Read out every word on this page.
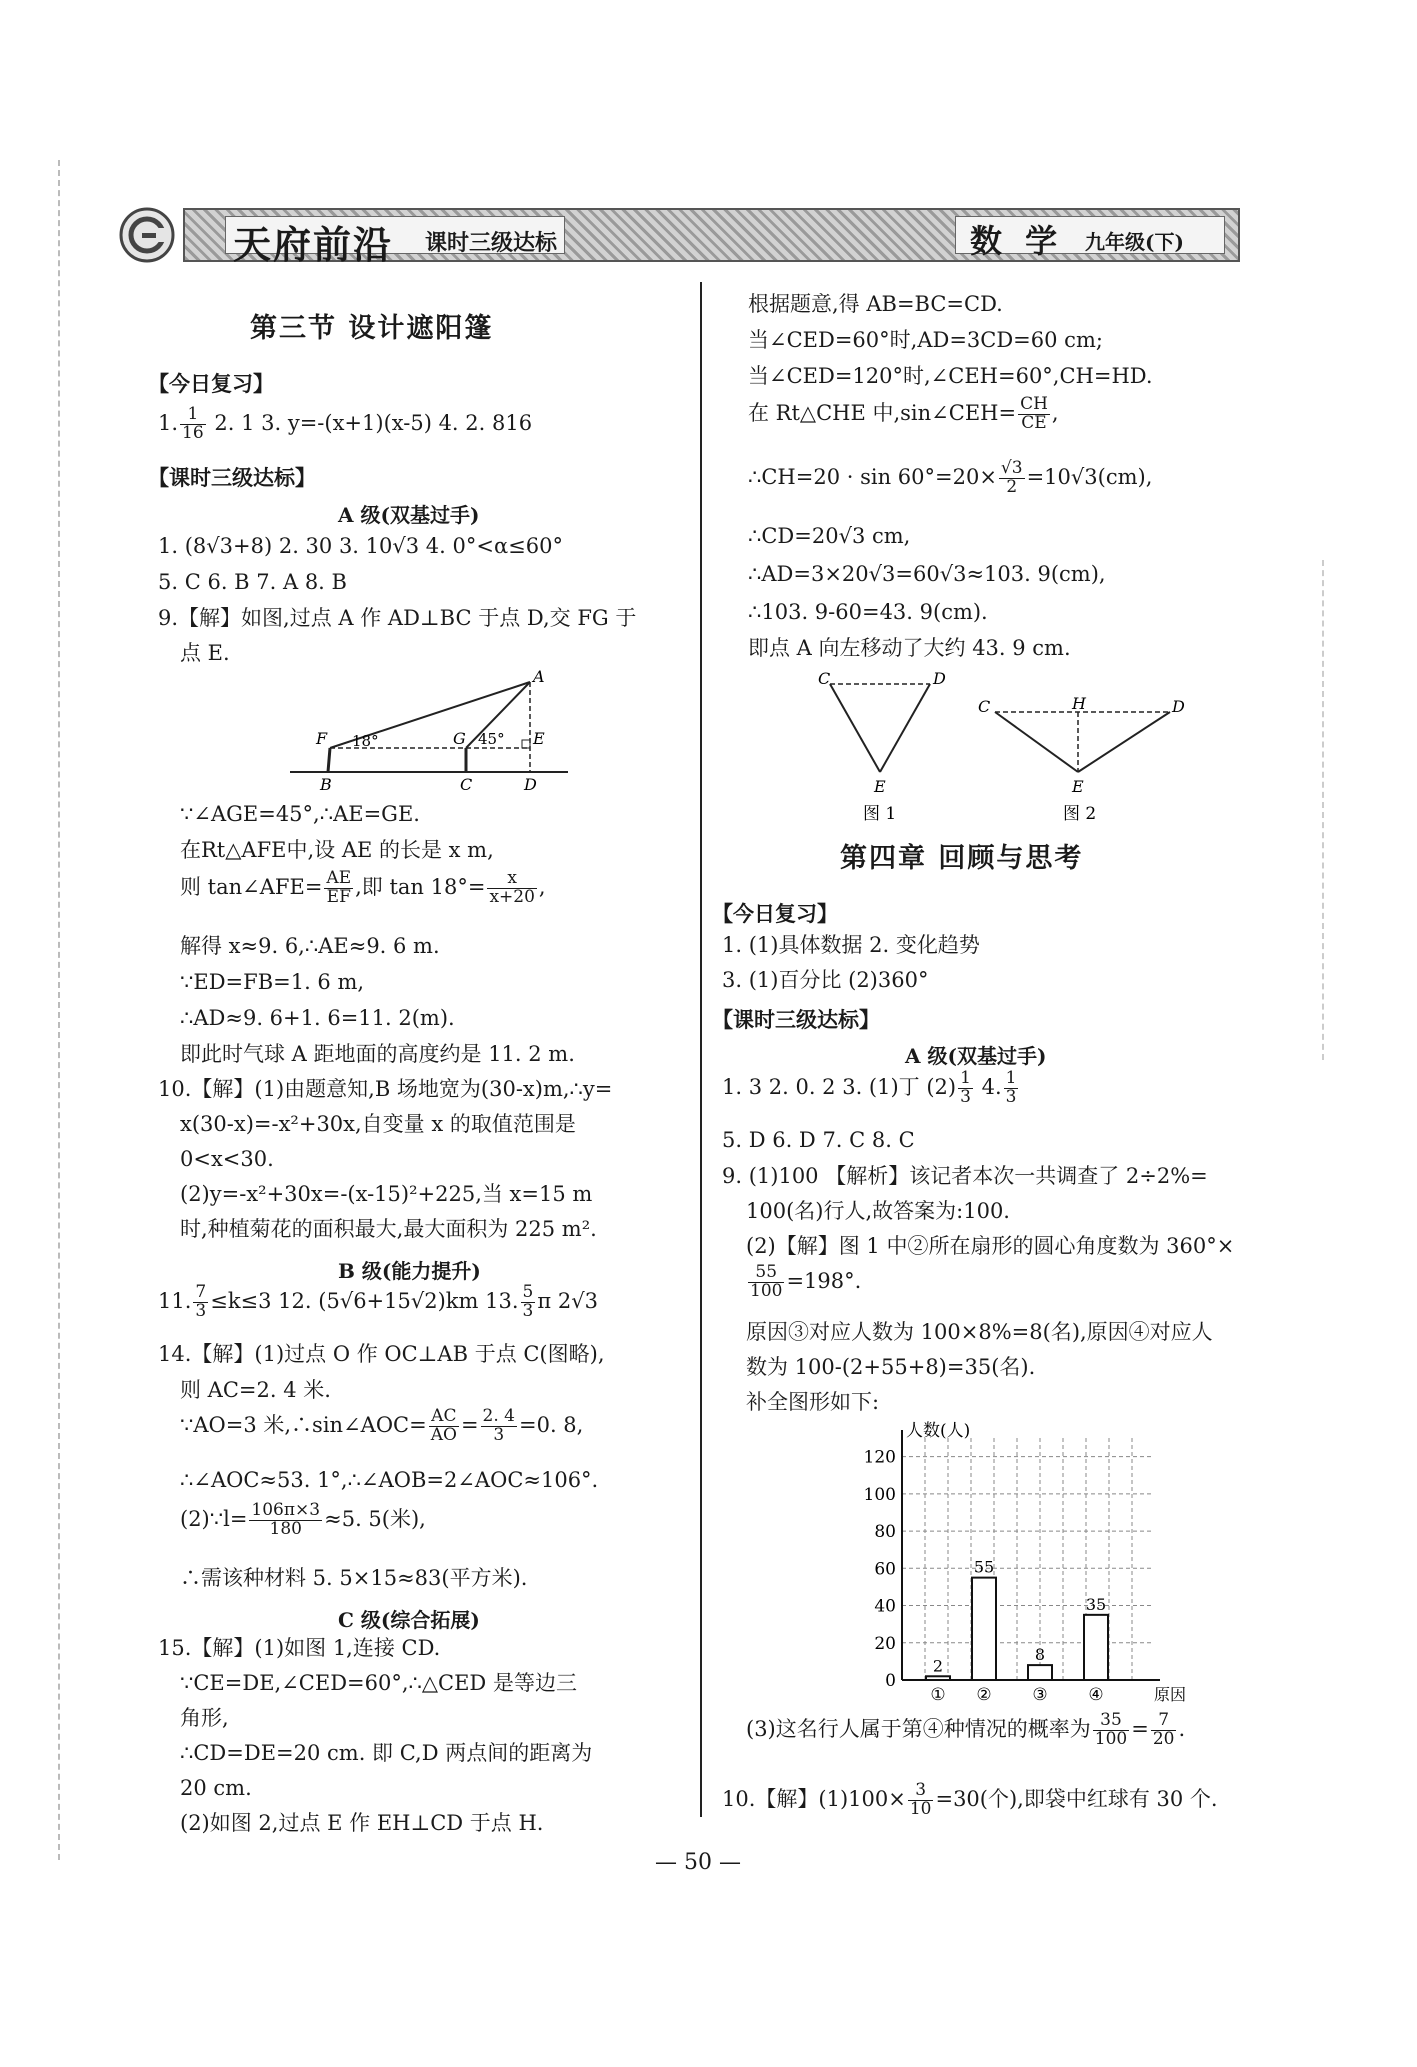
天府前沿 课时三级达标	数 学 九年级(下)
第三节 设计遮阳篷
【今日复习】
1. $\frac{1}{16} 2$. 1 3. y=-(x+1)(x-5) 4. 2. 816
【课时三级达标】
A 级(双基过手)
1. (8√3+8) 2. 30 3. 10√3 4. 0°<α≤60°
5. C 6. B 7. A 8. B
9.【解】如图,过点 A 作 AD⊥BC 于点 D,交 FG 于
点 E.
A
F 18°	G 45° E
B	C	D
∵∠AGE=45°,∴AE=GE.
在Rt△AFE中,设 AE 的长是 x m,
则 tan∠AFE= $\frac{AE}{EF}$ ,即 $\tan 18^\circ= \frac{x}{x+20}$ ,
解得 x≈9. 6,∴AE≈9. 6 m.
∵ED=FB=1. 6 m,
∴AD≈9. 6+1. 6=11. 2(m).
即此时气球 A 距地面的高度约是 11. 2 m.
10.【解】(1)由题意知,B 场地宽为(30-x)m,∴y=
x(30-x)=-x²+30x,自变量 x 的取值范围是
0<x<30.
(2)y=-x²+30x=-(x-15)²+225,当 x=15 m
时,种植菊花的面积最大,最大面积为 225 m².
B 级(能力提升)
11. $\frac{7}{3} \le k\le 3$ 12. (5√6+15√2)km 13. $\frac{5}{3}$ π 2√3
14.【解】(1)过点 O 作 OC⊥AB 于点 C(图略),
则 AC=2. 4 米.
∵AO=3 米,∴sin∠AOC= $\frac{AC}{AO} = \frac{2. 4}{3} =0$. 8,
∴∠AOC≈53. 1°,∴∠AOB=2∠AOC≈106°.
(2)∵l= $\frac{106\pi\times 3}{180} \approx 5$. 5(米),
∴需该种材料 5. 5×15≈83(平方米).
C 级(综合拓展)
15.【解】(1)如图 1,连接 CD.
∵CE=DE,∠CED=60°,∴△CED 是等边三
角形,
∴CD=DE=20 cm. 即 C,D 两点间的距离为
20 cm.
(2)如图 2,过点 E 作 EH⊥CD 于点 H.
根据题意,得 AB=BC=CD.
当∠CED=60°时,AD=3CD=60 cm;
当∠CED=120°时,∠CEH=60°,CH=HD.
在 Rt△CHE 中,sin∠CEH= $\frac{CH}{CE}$ ,
∴CH=20 · $\sin 60^\circ=20\times \frac{√3}{2} =10√3(cm)$,
∴CD=20√3 cm,
∴AD=3×20√3=60√3≈103. 9(cm),
∴103. 9-60=43. 9(cm).
即点 A 向左移动了大约 43. 9 cm.
C	D
E
图 1
C	H	D
E
图 2
第四章 回顾与思考
【今日复习】
1. (1)具体数据 2. 变化趋势
3. (1)百分比 (2)360°
【课时三级达标】
A 级(双基过手)
1. 3 2. 0. 2 3. (1)丁 $(2) \frac{1}{3} 4$. $\frac{1}{3}$
5. D 6. D 7. C 8. C
9. (1)100 【解析】该记者本次一共调查了 2÷2%=
100(名)行人,故答案为:100.
(2)【解】图 1 中②所在扇形的圆心角度数为 360°×
$\frac{55}{100} =198^\circ$.
原因③对应人数为 100×8%=8(名),原因④对应人
数为 100-(2+55+8)=35(名).
补全图形如下:
0
20
40
60
80
100
120
人数(人)
原因
2
①
55
②
8
③
35
④
(3)这名行人属于第④种情况的概率为 $\frac{35}{100} = \frac{7}{20}$ .
10.【解】$(1)100\times \frac{3}{10} =30$(个),即袋中红球有 30 个.
— 50 —
